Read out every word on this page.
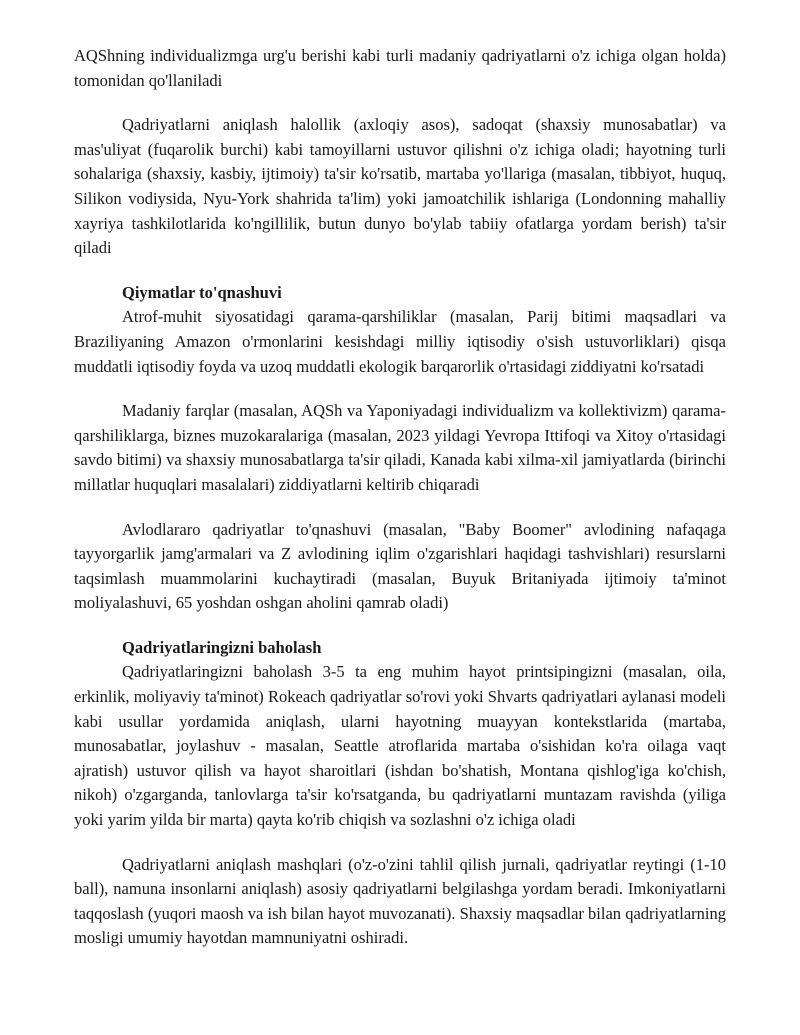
AQShning individualizmga urg'u berishi kabi turli madaniy qadriyatlarni o'z ichiga olgan holda) tomonidan qo'llaniladi

Qadriyatlarni aniqlash halollik (axloqiy asos), sadoqat (shaxsiy munosabatlar) va mas'uliyat (fuqarolik burchi) kabi tamoyillarni ustuvor qilishni o'z ichiga oladi; hayotning turli sohalariga (shaxsiy, kasbiy, ijtimoiy) ta'sir ko'rsatib, martaba yo'llariga (masalan, tibbiyot, huquq, Silikon vodiysida, Nyu-York shahrida ta'lim) yoki jamoatchilik ishlariga (Londonning mahalliy xayriya tashkilotlarida ko'ngillilik, butun dunyo bo'ylab tabiiy ofatlarga yordam berish) ta'sir qiladi

Qiymatlar to'qnashuvi

Atrof-muhit siyosatidagi qarama-qarshiliklar (masalan, Parij bitimi maqsadlari va Braziliyaning Amazon o'rmonlarini kesishdagi milliy iqtisodiy o'sish ustuvorliklari) qisqa muddatli iqtisodiy foyda va uzoq muddatli ekologik barqarorlik o'rtasidagi ziddiyatni ko'rsatadi

Madaniy farqlar (masalan, AQSh va Yaponiyadagi individualizm va kollektivizm) qarama-qarshiliklarga, biznes muzokaralariga (masalan, 2023 yildagi Yevropa Ittifoqi va Xitoy o'rtasidagi savdo bitimi) va shaxsiy munosabatlarga ta'sir qiladi, Kanada kabi xilma-xil jamiyatlarda (birinchi millatlar huquqlari masalalari) ziddiyatlarni keltirib chiqaradi

Avlodlararo qadriyatlar to'qnashuvi (masalan, "Baby Boomer" avlodining nafaqaga tayyorgarlik jamg'armalari va Z avlodining iqlim o'zgarishlari haqidagi tashvishlari) resurslarni taqsimlash muammolarini kuchaytiradi (masalan, Buyuk Britaniyada ijtimoiy ta'minot moliyalashuvi, 65 yoshdan oshgan aholini qamrab oladi)

Qadriyatlaringizni baholash

Qadriyatlaringizni baholash 3-5 ta eng muhim hayot printsipingizni (masalan, oila, erkinlik, moliyaviy ta'minot) Rokeach qadriyatlar so'rovi yoki Shvarts qadriyatlari aylanasi modeli kabi usullar yordamida aniqlash, ularni hayotning muayyan kontekstlarida (martaba, munosabatlar, joylashuv - masalan, Seattle atroflarida martaba o'sishidan ko'ra oilaga vaqt ajratish) ustuvor qilish va hayot sharoitlari (ishdan bo'shatish, Montana qishlog'iga ko'chish, nikoh) o'zgarganda, tanlovlarga ta'sir ko'rsatganda, bu qadriyatlarni muntazam ravishda (yiliga yoki yarim yilda bir marta) qayta ko'rib chiqish va sozlashni o'z ichiga oladi

Qadriyatlarni aniqlash mashqlari (o'z-o'zini tahlil qilish jurnali, qadriyatlar reytingi (1-10 ball), namuna insonlarni aniqlash) asosiy qadriyatlarni belgilashga yordam beradi. Imkoniyatlarni taqqoslash (yuqori maosh va ish bilan hayot muvozanati). Shaxsiy maqsadlar bilan qadriyatlarning mosligi umumiy hayotdan mamnuniyatni oshiradi.
